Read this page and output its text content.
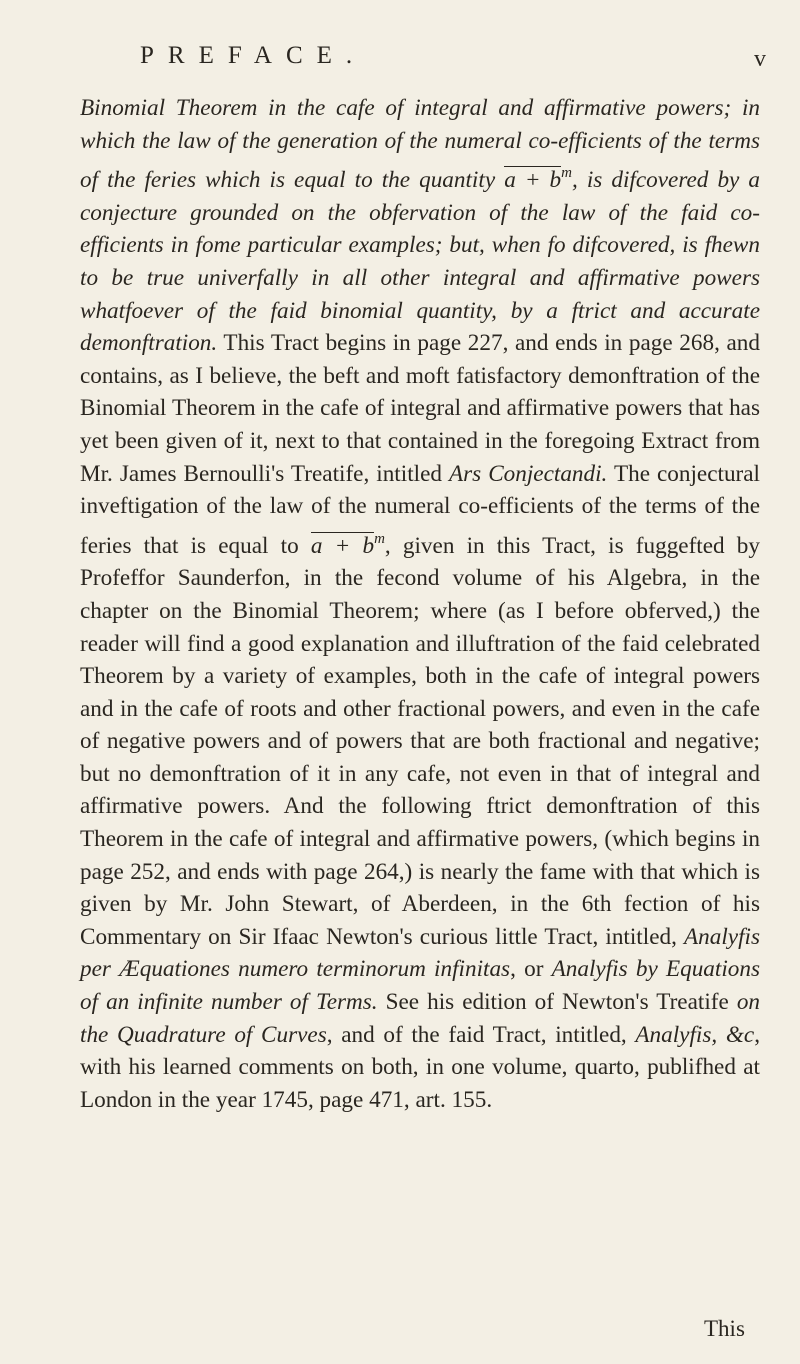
PREFACE.	v

Binomial Theorem in the cafe of integral and affirmative powers; in which the law of the generation of the numeral co-efficients of the terms of the feries which is equal to the quantity $a + b^m$, is difcovered by a conjecture grounded on the obfervation of the law of the faid co-efficients in fome particular examples; but, when fo difcovered, is fhewn to be true univerfally in all other integral and affirmative powers whatfoever of the faid binomial quantity, by a ftrict and accurate demonftration. This Tract begins in page 227, and ends in page 268, and contains, as I believe, the beft and moft fatisfactory demonftration of the Binomial Theorem in the cafe of integral and affirmative powers that has yet been given of it, next to that contained in the foregoing Extract from Mr. James Bernoulli's Treatife, intitled Ars Conjectandi. The conjectural inveftigation of the law of the numeral co-efficients of the terms of the feries that is equal to $a + b^m$, given in this Tract, is fuggefted by Profeffor Saunderfon, in the fecond volume of his Algebra, in the chapter on the Binomial Theorem; where (as I before obferved,) the reader will find a good explanation and illuftration of the faid celebrated Theorem by a variety of examples, both in the cafe of integral powers and in the cafe of roots and other fractional powers, and even in the cafe of negative powers and of powers that are both fractional and negative; but no demonftration of it in any cafe, not even in that of integral and affirmative powers. And the following ftrict demonftration of this Theorem in the cafe of integral and affirmative powers, (which begins in page 252, and ends with page 264,) is nearly the fame with that which is given by Mr. John Stewart, of Aberdeen, in the 6th fection of his Commentary on Sir Ifaac Newton's curious little Tract, intitled, Analyfis per Æquationes numero terminorum infinitas, or Analyfis by Equations of an infinite number of Terms. See his edition of Newton's Treatife on the Quadrature of Curves, and of the faid Tract, intitled, Analyfis, &c, with his learned comments on both, in one volume, quarto, publifhed at London in the year 1745, page 471, art. 155.

This
